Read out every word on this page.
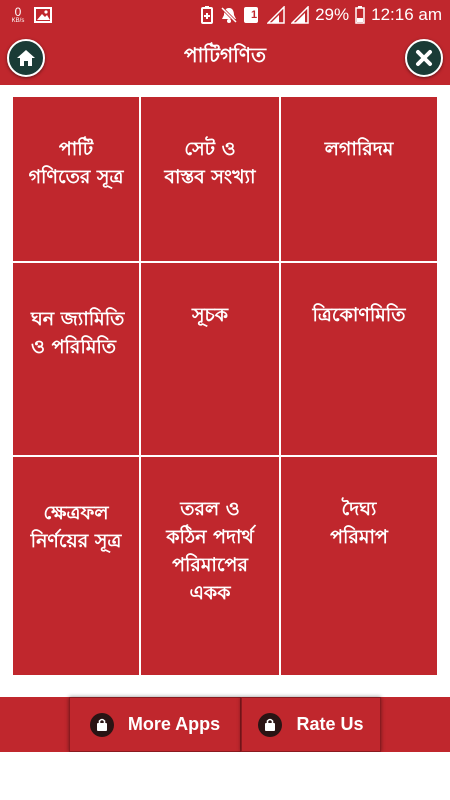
0
KB/s	1	29% 12:16 am
পাটিগণিত
পাটি গণিতের সূত্র
সেট ও বাস্তব সংখ্যা
লগারিদম
ঘন জ্যামিতি ও পরিমিতি
সূচক	ত্রিকোণমিতি
ক্ষেত্রফল নির্ণয়ের সূত্র
তরল ও কঠিন পদার্থ পরিমাপের একক
দৈঘ্য পরিমাপ
More Apps	Rate Us
